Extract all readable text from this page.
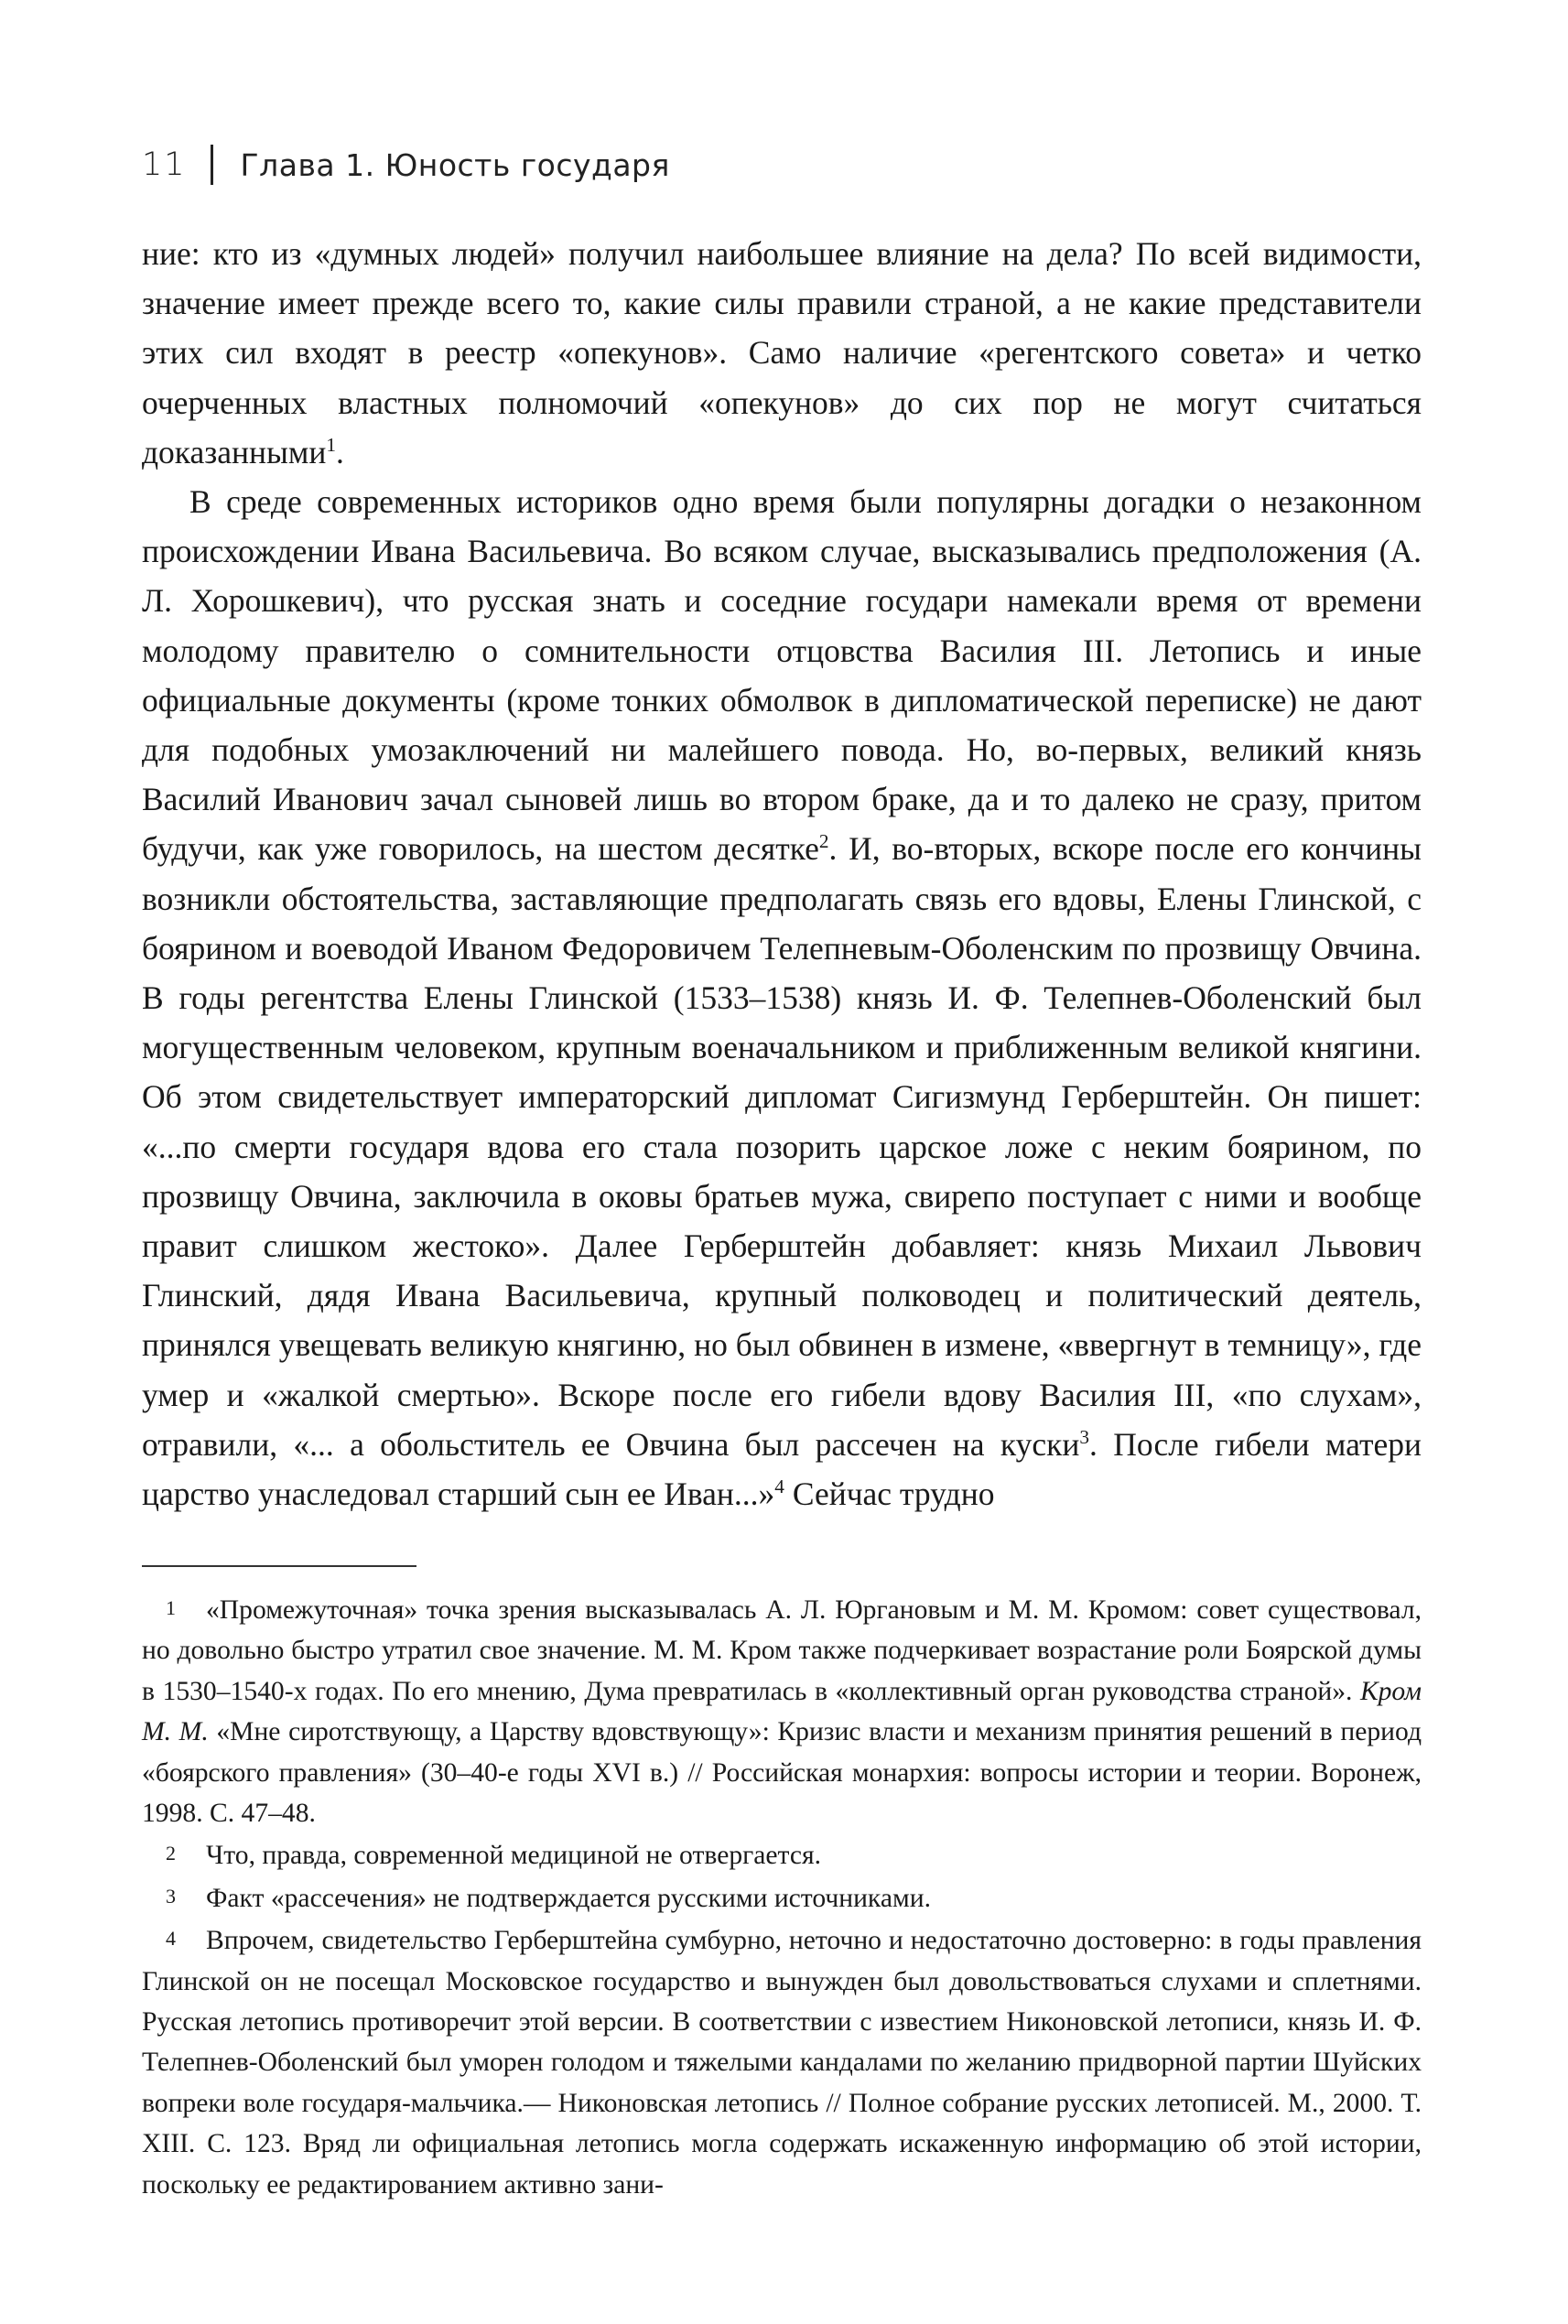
11 Глава 1. Юность государя

ние: кто из «думных людей» получил наибольшее влияние на дела? По всей видимости, значение имеет прежде всего то, какие силы правили страной, а не какие представители этих сил входят в реестр «опекунов». Само наличие «регентского совета» и четко очерченных властных полномочий «опекунов» до сих пор не могут считаться доказанными$^1$.

В среде современных историков одно время были популярны догадки о незаконном происхождении Ивана Васильевича. Во всяком случае, высказывались предположения (А. Л. Хорошкевич), что русская знать и соседние государи намекали время от времени молодому правителю о сомнительности отцовства Василия III. Летопись и иные официальные документы (кроме тонких обмолвок в дипломатической переписке) не дают для подобных умозаключений ни малейшего повода. Но, во-первых, великий князь Василий Иванович зачал сыновей лишь во втором браке, да и то далеко не сразу, притом будучи, как уже говорилось, на шестом десятке$^2$. И, во-вторых, вскоре после его кончины возникли обстоятельства, заставляющие предполагать связь его вдовы, Елены Глинской, с боярином и воеводой Иваном Федоровичем Телепневым-Оболенским по прозвищу Овчина. В годы регентства Елены Глинской (1533–1538) князь И. Ф. Телепнев-Оболенский был могущественным человеком, крупным военачальником и приближенным великой княгини. Об этом свидетельствует императорский дипломат Сигизмунд Герберштейн. Он пишет: «...по смерти государя вдова его стала позорить царское ложе с неким боярином, по прозвищу Овчина, заключила в оковы братьев мужа, свирепо поступает с ними и вообще правит слишком жестоко». Далее Герберштейн добавляет: князь Михаил Львович Глинский, дядя Ивана Васильевича, крупный полководец и политический деятель, принялся увещевать великую княгиню, но был обвинен в измене, «ввергнут в темницу», где умер и «жалкой смертью». Вскоре после его гибели вдову Василия III, «по слухам», отравили, «... а обольститель ее Овчина был рассечен на куски$^3$. После гибели матери царство унаследовал старший сын ее Иван...»$^4$ Сейчас трудно

1 «Промежуточная» точка зрения высказывалась А. Л. Юргановым и М. М. Кромом: совет существовал, но довольно быстро утратил свое значение. М. М. Кром также подчеркивает возрастание роли Боярской думы в 1530–1540-х годах. По его мнению, Дума превратилась в «коллективный орган руководства страной». Кром М. М. «Мне сиротствующу, а Царству вдовствующу»: Кризис власти и механизм принятия решений в период «боярского правления» (30–40-е годы XVI в.) // Российская монархия: вопросы истории и теории. Воронеж, 1998. С. 47–48.

2 Что, правда, современной медициной не отвергается.

3 Факт «рассечения» не подтверждается русскими источниками.

4 Впрочем, свидетельство Герберштейна сумбурно, неточно и недостаточно достоверно: в годы правления Глинской он не посещал Московское государство и вынужден был довольствоваться слухами и сплетнями. Русская летопись противоречит этой версии. В соответствии с известием Никоновской летописи, князь И. Ф. Телепнев-Оболенский был уморен голодом и тяжелыми кандалами по желанию придворной партии Шуйских вопреки воле государя-мальчика.— Никоновская летопись // Полное собрание русских летописей. М., 2000. Т. XIII. С. 123. Вряд ли официальная летопись могла содержать искаженную информацию об этой истории, поскольку ее редактированием активно зани-
